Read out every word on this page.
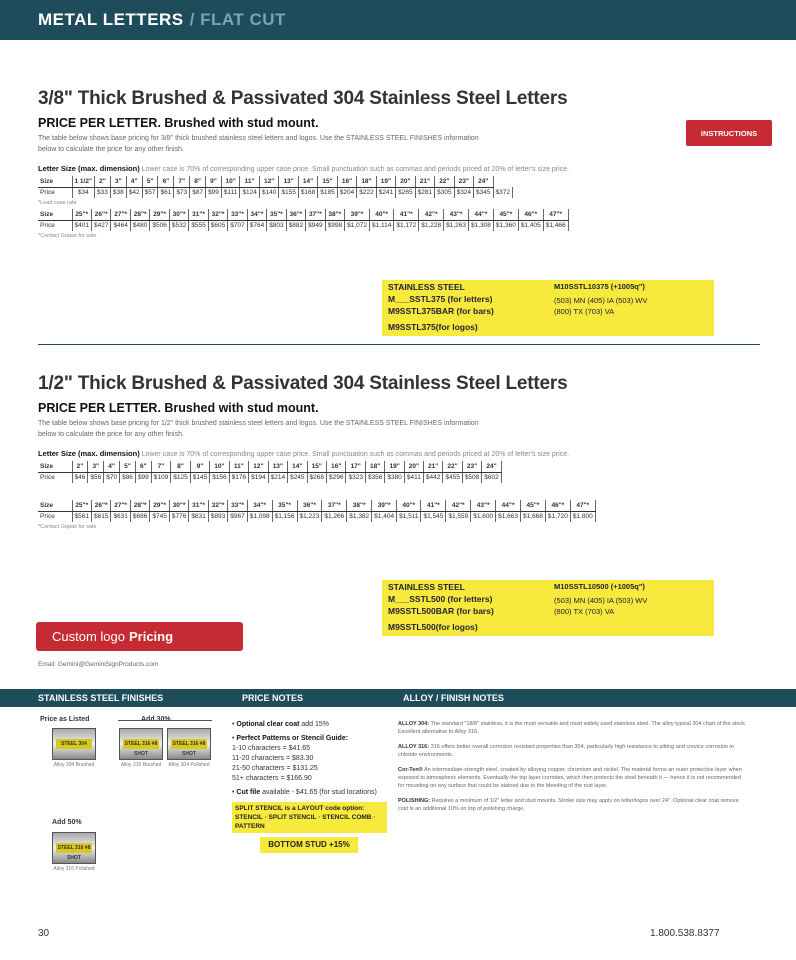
METAL LETTERS / FLAT CUT
INSTRUCTIONS
3/8" Thick Brushed & Passivated 304 Stainless Steel Letters
PRICE PER LETTER. Brushed with stud mount.
The table below shows base pricing for 3/8" thick brushed stainless steel letters and logos. Use the STAINLESS STEEL FINISHES information below to calculate the price for any other finish.
Letter Size (max. dimension) Lower case is 70% of corresponding upper case price. Small punctuation such as commas and periods priced at 20% of letter's size price.
Size	1 1/2"	2"	3"	4"	5"	6"	7"	8"	9"	10"	11"	12"	13"	14"	15"	16"	18"	19"	20"	21"	22"	23"	24"	
Price	$34	$33	$38	$42	$57	$61	$73	$87	$99	$111	$124	$140	$155	$168	$185	$204	$222	$241	$265	$281	$305	$324	$345	$372
*Lead case rate
Size	25"*	26"*	27"*	28"*	29"*	30"*	31"*	32"*	33"*	34"*	35"*	36"*	37"*	38"*	39"*	40"*	41"*	42"*	43"*	44"*	45"*	46"*	47"*
Price	$401	$427	$464	$480	$506	$532	$555	$605	$707	$764	$803	$882	$949	$998	$1,072	$1,114	$1,172	$1,228	$1,263	$1,308	$1,360	$1,405	$1,466
*Contact Gopax for sale
STAINLESS STEEL
M___SSTL375 (for letters)
M9SSTL375BAR (for bars)
M9SSTL375(for logos)
M10SSTL10375 (+1005q")
(503) MN (405) IA (503) WV
(800) TX (703) VA
1/2" Thick Brushed & Passivated 304 Stainless Steel Letters
PRICE PER LETTER. Brushed with stud mount.
The table below shows base pricing for 1/2" thick brushed stainless steel letters and logos. Use the STAINLESS STEEL FINISHES information below to calculate the price for any other finish.
Letter Size (max. dimension) Lower case is 70% of corresponding upper case price. Small punctuation such as commas and periods priced at 20% of letter's size price.
Size	2"	3"	4"	5"	6"	7"	8"	9"	10"	11"	12"	13"	14"	15"	16"	17"	18"	19"	20"	21"	22"	23"	24"
Price	$46	$56	$70	$86	$99	$109	$125	$145	$156	$176	$194	$214	$245	$268	$296	$323	$356	$380	$411	$442	$455	$508	$602
Size	25"*	26"*	27"*	28"*	29"*	30"*	31"*	32"*	33"*	34"*	35"*	36"*	37"*	38"*	39"*	40"*	41"*	42"*	43"*	44"*	45"*	46"*	47"*
Price	$561	$615	$631	$686	$745	$776	$831	$893	$967	$1,098	$1,156	$1,223	$1,266	$1,382	$1,404	$1,511	$1,545	$1,559	$1,600	$1,663	$1,668	$1,720	$1,800
*Contact Gopax for sale
STAINLESS STEEL
M___SSTL500 (for letters)
M9SSTL500BAR (for bars)
M9SSTL500(for logos)
M10SSTL10500 (+1005q")
(503) MN (405) IA (503) WV
(800) TX (703) VA
Custom logo Pricing
Email: Gemini@GeminiSignProducts.com
STAINLESS STEEL FINISHES	PRICE NOTES	ALLOY / FINISH NOTES
Price as Listed	Add 30%
STEEL 304
Alloy 304 Brushed
STEEL 316 #8 SHOT
Alloy 316 Brushed
STEEL 316 #8 SHOT
Alloy 304 Polished
Add 50%
STEEL 316 #8 SHOT
Alloy 316 Polished
• Optional clear coat add 15%
• Perfect Patterns or Stencil Guide:
1-10 characters = $41.65
11-20 characters = $83.30
21-50 characters = $131.25
51+ characters = $166.90
• Cut file available - $41.65 (for stud locations)
SPLIT STENCIL is a LAYOUT code option: STENCIL · SPLIT STENCIL · STENCIL COMB · PATTERN
BOTTOM STUD +15%

ALLOY 304: The standard "18/8" stainless, it is the most versatile and most widely used stainless steel. The alloy typical 304 chart of the stock. Excellent alternative to Alloy 316.

ALLOY 316: 316 offers better overall corrosion resistant properties than 304, particularly high resistance to pitting and crevice corrosion in chloride environments.

Cor-Ten® An intermediate-strength steel, created by alloying copper, chromium and nickel. The material forms an outer protective layer when exposed to atmospheric elements. Eventually the top layer corrodes, which then protects the steel beneath it — hence it is not recommended for mounting on any surface that could be stained due to the bleeding of the rust layer.

POLISHING: Requires a minimum of 1/2" letter and stud mounts. Stroke size may apply on letter/logos over 24". Optional clear coat remove cost is an additional 10% on top of polishing charge.

30	1.800.538.8377
